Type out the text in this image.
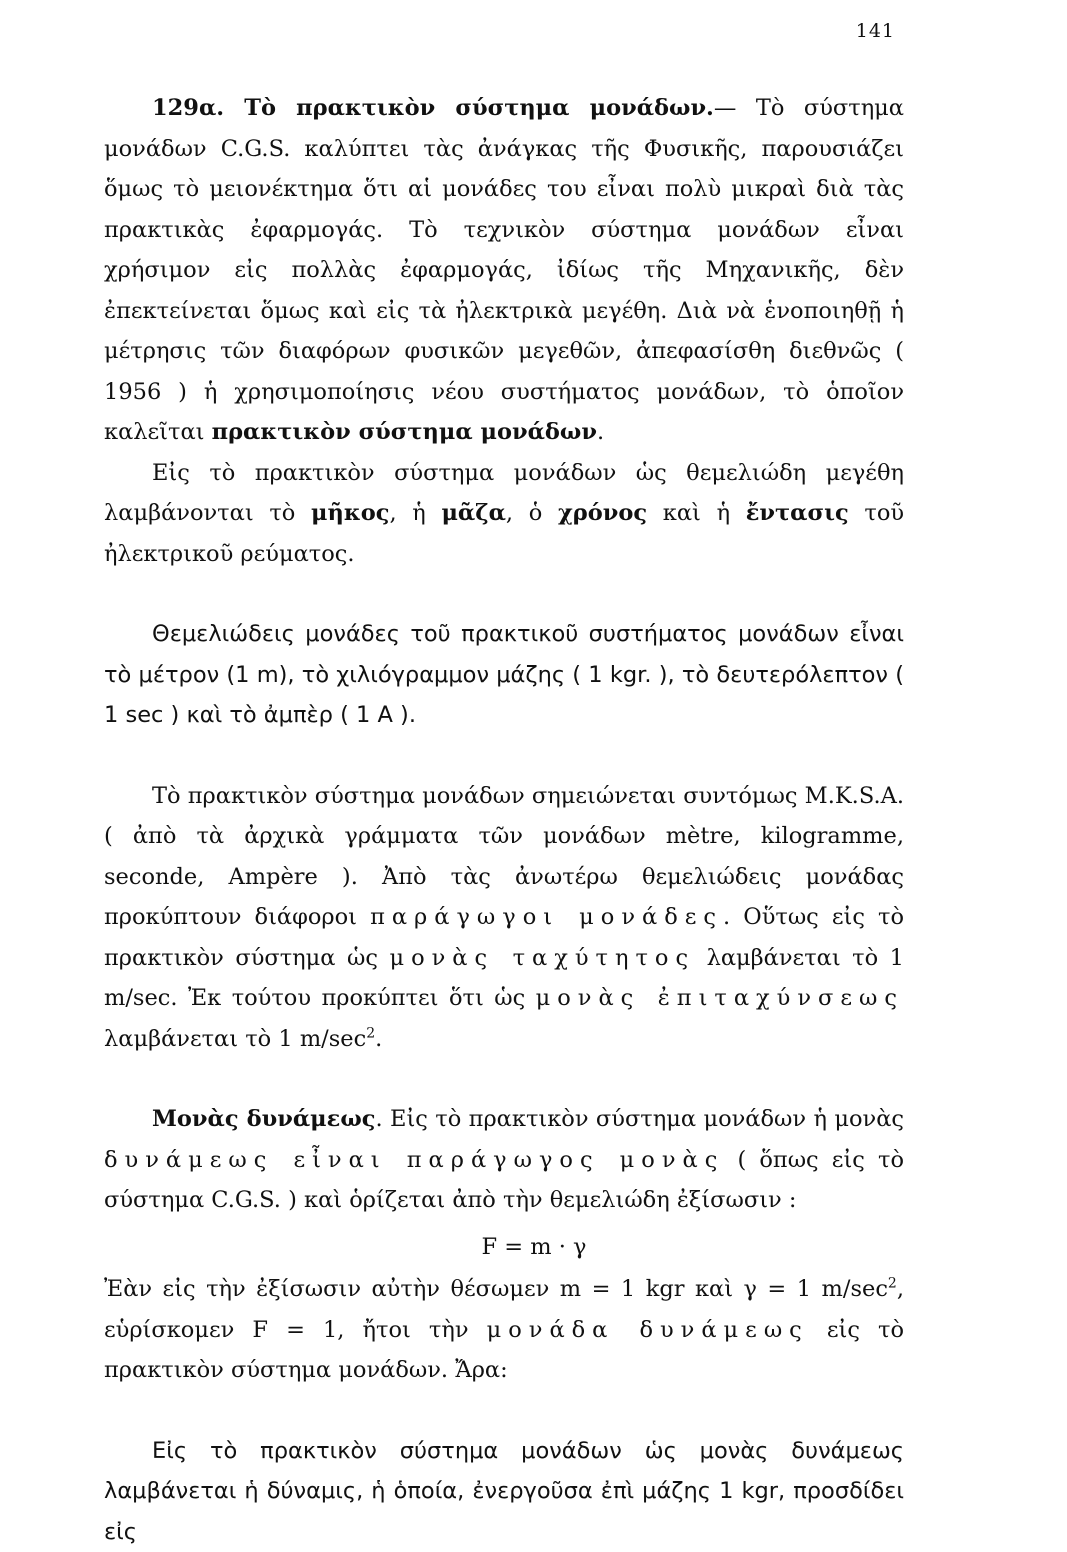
141

129α. Τὸ πρακτικὸν σύστημα μονάδων.— Τὸ σύστημα μονάδων C.G.S. καλύπτει τὰς ἀνάγκας τῆς Φυσικῆς, παρουσιάζει ὅμως τὸ μειονέκτημα ὅτι αἱ μονάδες του εἶναι πολὺ μικραὶ διὰ τὰς πρακτικὰς ἐφαρμογάς. Τὸ τεχνικὸν σύστημα μονάδων εἶναι χρήσιμον εἰς πολλὰς ἐφαρμογάς, ἰδίως τῆς Μηχανικῆς, δὲν ἐπεκτείνεται ὅμως καὶ εἰς τὰ ἠλεκτρικὰ μεγέθη. Διὰ νὰ ἑνοποιηθῇ ἡ μέτρησις τῶν διαφόρων φυσικῶν μεγεθῶν, ἀπεφασίσθη διεθνῶς ( 1956 ) ἡ χρησιμοποίησις νέου συστήματος μονάδων, τὸ ὁποῖον καλεῖται πρακτικὸν σύστημα μονάδων.

Εἰς τὸ πρακτικὸν σύστημα μονάδων ὡς θεμελιώδη μεγέθη λαμβάνονται τὸ μῆκος, ἡ μᾶζα, ὁ χρόνος καὶ ἡ ἔντασις τοῦ ἠλεκτρικοῦ ρεύματος.

Θεμελιώδεις μονάδες τοῦ πρακτικοῦ συστήματος μονάδων εἶναι τὸ μέτρον (1 m), τὸ χιλιόγραμμον μάζης ( 1 kgr. ), τὸ δευτερόλεπτον ( 1 sec ) καὶ τὸ ἀμπὲρ ( 1 A ).

Τὸ πρακτικὸν σύστημα μονάδων σημειώνεται συντόμως M.K.S.A. ( ἀπὸ τὰ ἀρχικὰ γράμματα τῶν μονάδων mètre, kilogramme, seconde, Ampère ). Ἀπὸ τὰς ἀνωτέρω θεμελιώδεις μονάδας προκύπτουν διάφοροι παράγωγοι μονάδες. Οὕτως εἰς τὸ πρακτικὸν σύστημα ὡς μονὰς ταχύτητος λαμβάνεται τὸ 1 m/sec. Ἐκ τούτου προκύπτει ὅτι ὡς μονὰς ἐπιταχύνσεως λαμβάνεται τὸ 1 $m/\sec^2$.

Μονὰς δυνάμεως. Εἰς τὸ πρακτικὸν σύστημα μονάδων ἡ μονὰς δυνάμεως εἶναι παράγωγος μονὰς ( ὅπως εἰς τὸ σύστημα C.G.S. ) καὶ ὁρίζεται ἀπὸ τὴν θεμελιώδη ἐξίσωσιν :

F = m · γ

Ἐὰν εἰς τὴν ἐξίσωσιν αὐτὴν θέσωμεν m = 1 kgr καὶ γ = 1 $m/\sec^2$, εὑρίσκομεν F = 1, ἤτοι τὴν μονάδα δυνάμεως εἰς τὸ πρακτικὸν σύστημα μονάδων. Ἄρα:

Εἰς τὸ πρακτικὸν σύστημα μονάδων ὡς μονὰς δυνάμεως λαμβάνεται ἡ δύναμις, ἡ ὁποία, ἐνεργοῦσα ἐπὶ μάζης 1 kgr, προσδίδει εἰς
